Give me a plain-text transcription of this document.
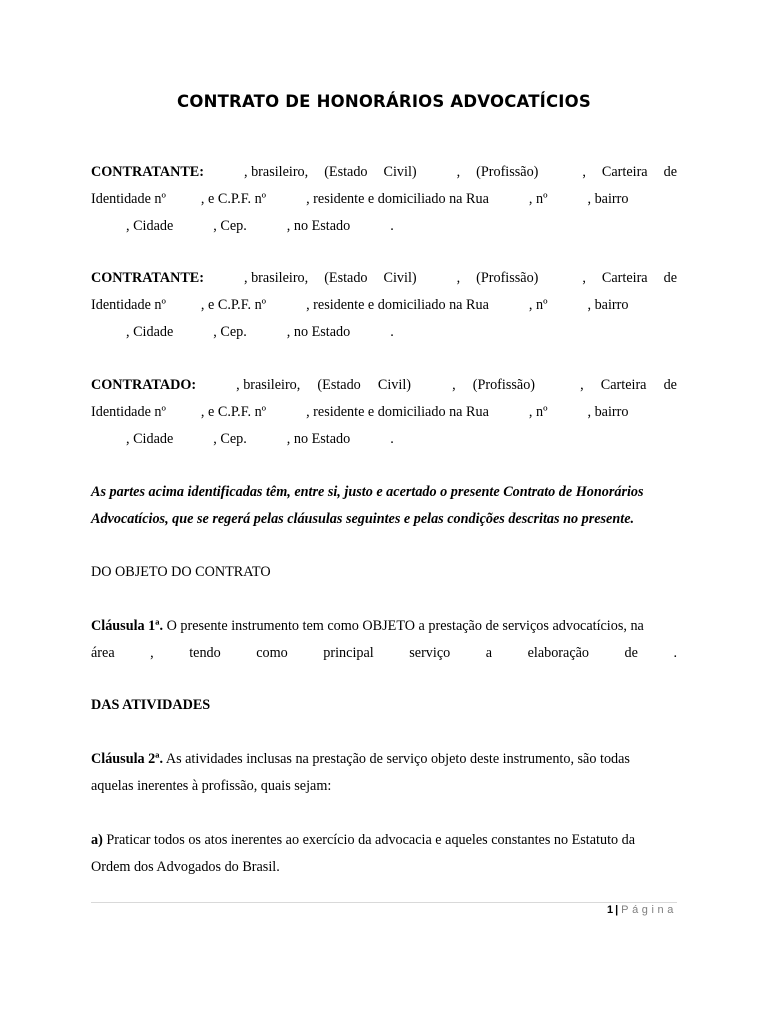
CONTRATO DE HONORÁRIOS ADVOCATÍCIOS
CONTRATANTE:	, brasileiro, (Estado Civil)	, (Profissão)	, Carteira de
Identidade nº , e C.P.F. nº	, residente e domiciliado na Rua	, nº	, bairro
, Cidade	, Cep.	, no Estado	.
CONTRATANTE:	, brasileiro, (Estado Civil)	, (Profissão)	, Carteira de
Identidade nº , e C.P.F. nº	, residente e domiciliado na Rua	, nº	, bairro
, Cidade	, Cep.	, no Estado	.
CONTRATADO:	, brasileiro, (Estado Civil)	, (Profissão)	, Carteira de
Identidade nº , e C.P.F. nº	, residente e domiciliado na Rua	, nº	, bairro
, Cidade	, Cep.	, no Estado	.
As partes acima identificadas têm, entre si, justo e acertado o presente Contrato de Honorários
Advocatícios, que se regerá pelas cláusulas seguintes e pelas condições descritas no presente.
DO OBJETO DO CONTRATO
Cláusula 1ª. O presente instrumento tem como OBJETO a prestação de serviços advocatícios, na
área	,	tendo	como	principal	serviço	a	elaboração	de	.
DAS ATIVIDADES
Cláusula 2ª. As atividades inclusas na prestação de serviço objeto deste instrumento, são todas
aquelas inerentes à profissão, quais sejam:
a) Praticar todos os atos inerentes ao exercício da advocacia e aqueles constantes no Estatuto da
Ordem dos Advogados do Brasil.
1 | Página
